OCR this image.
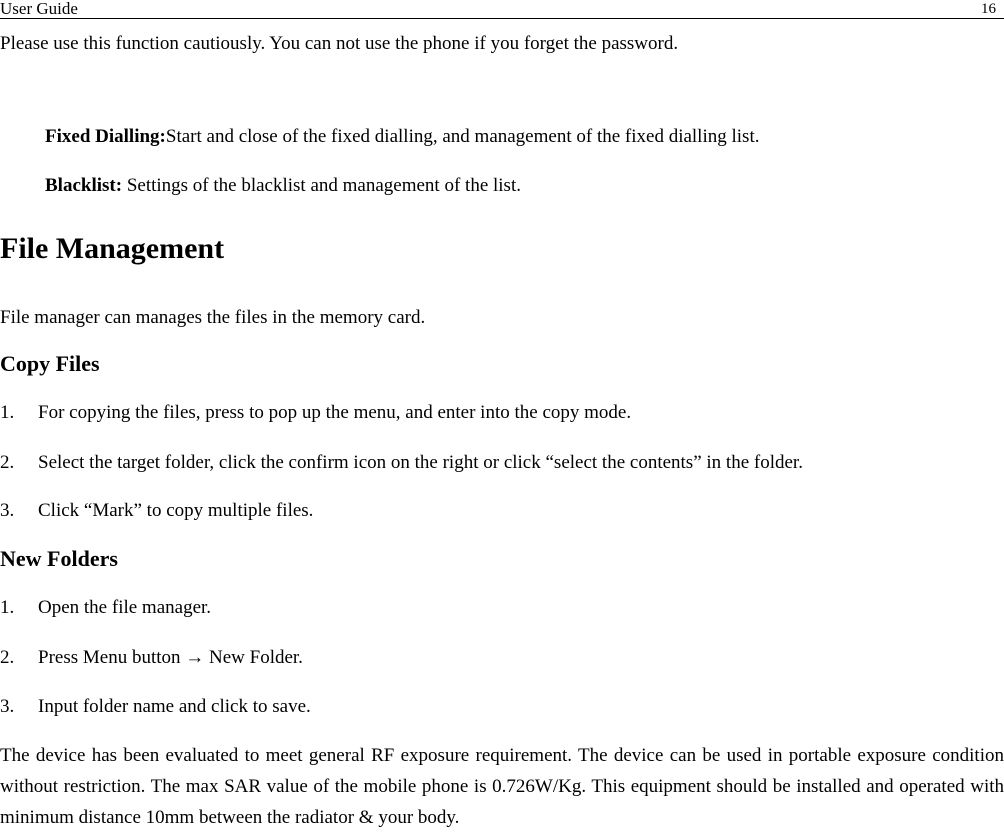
User Guide	16
Please use this function cautiously. You can not use the phone if you forget the password.
Fixed Dialling:Start and close of the fixed dialling, and management of the fixed dialling list.
Blacklist: Settings of the blacklist and management of the list.
File Management
File manager can manages the files in the memory card.
Copy Files
1. For copying the files, press to pop up the menu, and enter into the copy mode.
2. Select the target folder, click the confirm icon on the right or click “select the contents” in the folder.
3. Click “Mark” to copy multiple files.
New Folders
1. Open the file manager.
2. Press Menu button → New Folder.
3. Input folder name and click to save.
The device has been evaluated to meet general RF exposure requirement. The device can be used in portable exposure condition without restriction. The max SAR value of the mobile phone is 0.726W/Kg. This equipment should be installed and operated with minimum distance 10mm between the radiator & your body.
